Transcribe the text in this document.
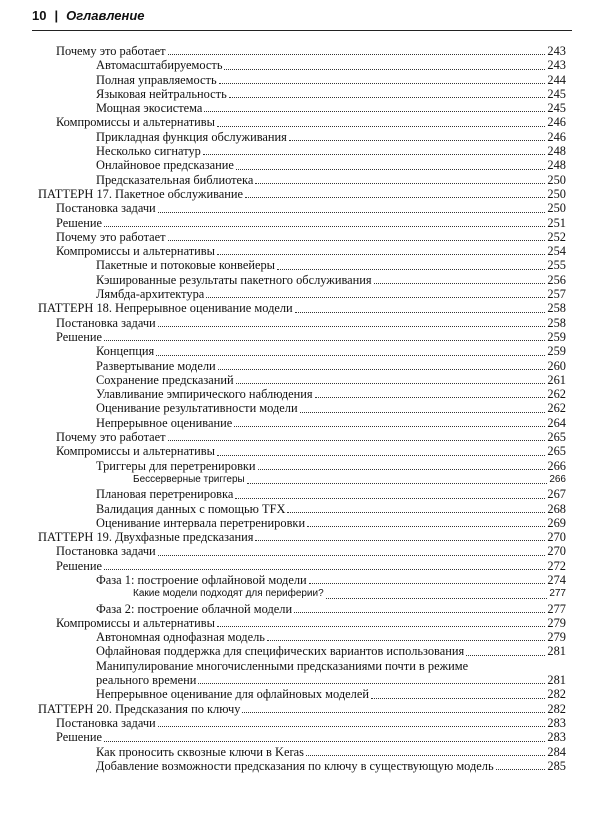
10 | Оглавление
Почему это работает	243
Автомасштабируемость	243
Полная управляемость	244
Языковая нейтральность	245
Мощная экосистема	245
Компромиссы и альтернативы	246
Прикладная функция обслуживания	246
Несколько сигнатур	248
Онлайновое предсказание	248
Предсказательная библиотека	250
ПАТТЕРН 17. Пакетное обслуживание	250
Постановка задачи	250
Решение	251
Почему это работает	252
Компромиссы и альтернативы	254
Пакетные и потоковые конвейеры	255
Кэшированные результаты пакетного обслуживания	256
Лямбда-архитектура	257
ПАТТЕРН 18. Непрерывное оценивание модели	258
Постановка задачи	258
Решение	259
Концепция	259
Развертывание модели	260
Сохранение предсказаний	261
Улавливание эмпирического наблюдения	262
Оценивание результативности модели	262
Непрерывное оценивание	264
Почему это работает	265
Компромиссы и альтернативы	265
Триггеры для перетренировки	266
Бессерверные триггеры	266
Плановая перетренировка	267
Валидация данных с помощью TFX	268
Оценивание интервала перетренировки	269
ПАТТЕРН 19. Двухфазные предсказания	270
Постановка задачи	270
Решение	272
Фаза 1: построение офлайновой модели	274
Какие модели подходят для периферии?	277
Фаза 2: построение облачной модели	277
Компромиссы и альтернативы	279
Автономная однофазная модель	279
Офлайновая поддержка для специфических вариантов использования	281
Манипулирование многочисленными предсказаниями почти в режиме
реального времени	281
Непрерывное оценивание для офлайновых моделей	282
ПАТТЕРН 20. Предсказания по ключу	282
Постановка задачи	283
Решение	283
Как проносить сквозные ключи в Keras	284
Добавление возможности предсказания по ключу в существующую модель	285
